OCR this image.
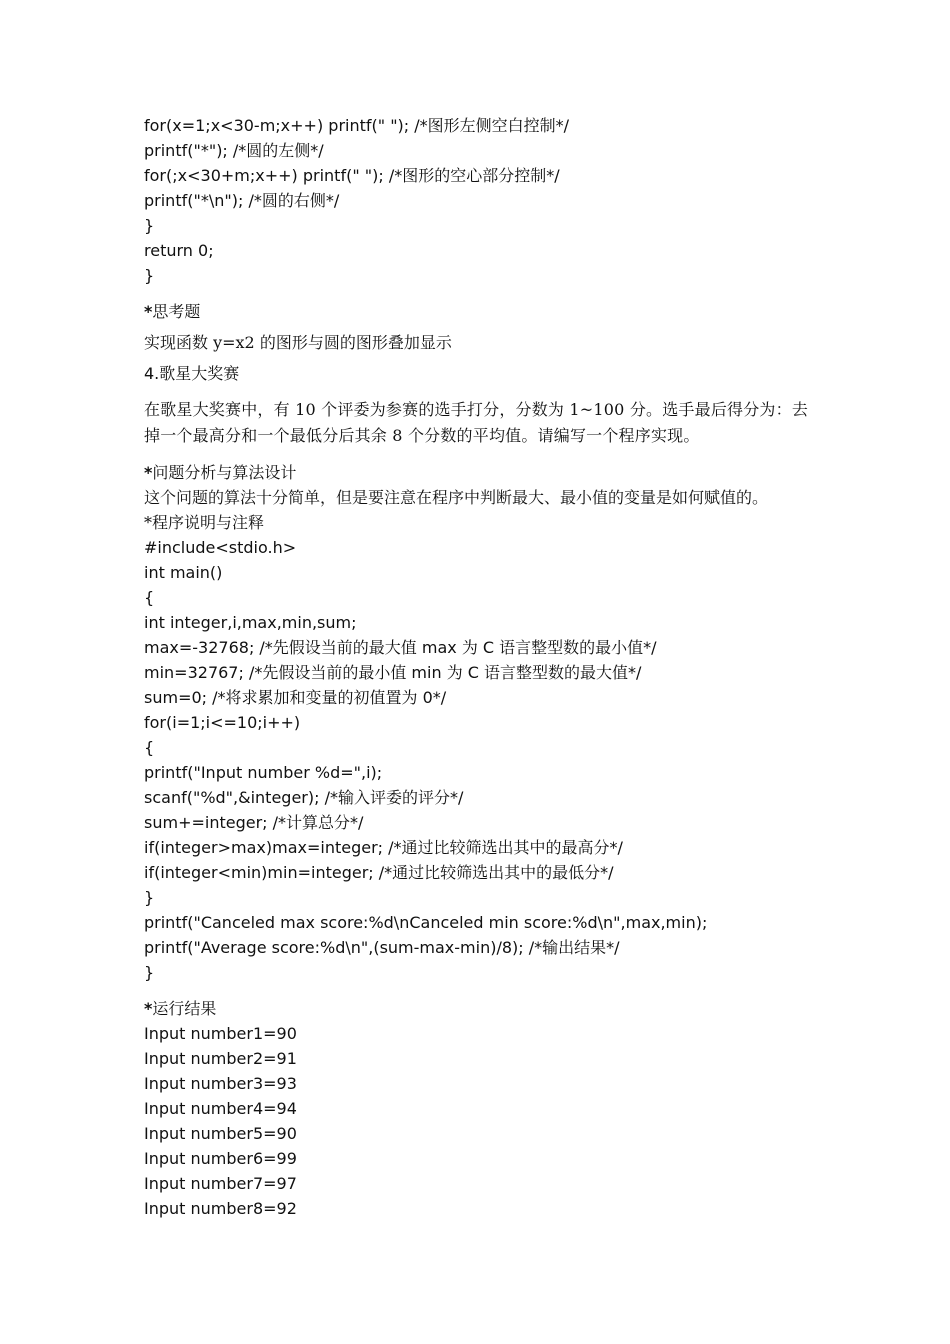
for(x=1;x<30-m;x++) printf(" "); /*图形左侧空白控制*/
printf("*"); /*圆的左侧*/
for(;x<30+m;x++) printf(" "); /*图形的空心部分控制*/
printf("*\n"); /*圆的右侧*/
}
return 0;
}
*思考题
实现函数 y=x2 的图形与圆的图形叠加显示
4.歌星大奖赛
在歌星大奖赛中，有 10 个评委为参赛的选手打分，分数为 1~100 分。选手最后得分为：去掉一个最高分和一个最低分后其余 8 个分数的平均值。请编写一个程序实现。
*问题分析与算法设计
这个问题的算法十分简单，但是要注意在程序中判断最大、最小值的变量是如何赋值的。
*程序说明与注释
#include<stdio.h>
int main()
{
int integer,i,max,min,sum;
max=-32768; /*先假设当前的最大值 max 为 C 语言整型数的最小值*/
min=32767; /*先假设当前的最小值 min 为 C 语言整型数的最大值*/
sum=0; /*将求累加和变量的初值置为 0*/
for(i=1;i<=10;i++)
{
printf("Input number %d=",i);
scanf("%d",&integer); /*输入评委的评分*/
sum+=integer; /*计算总分*/
if(integer>max)max=integer; /*通过比较筛选出其中的最高分*/
if(integer<min)min=integer; /*通过比较筛选出其中的最低分*/
}
printf("Canceled max score:%d\nCanceled min score:%d\n",max,min);
printf("Average score:%d\n",(sum-max-min)/8); /*输出结果*/
}
*运行结果
Input number1=90
Input number2=91
Input number3=93
Input number4=94
Input number5=90
Input number6=99
Input number7=97
Input number8=92
